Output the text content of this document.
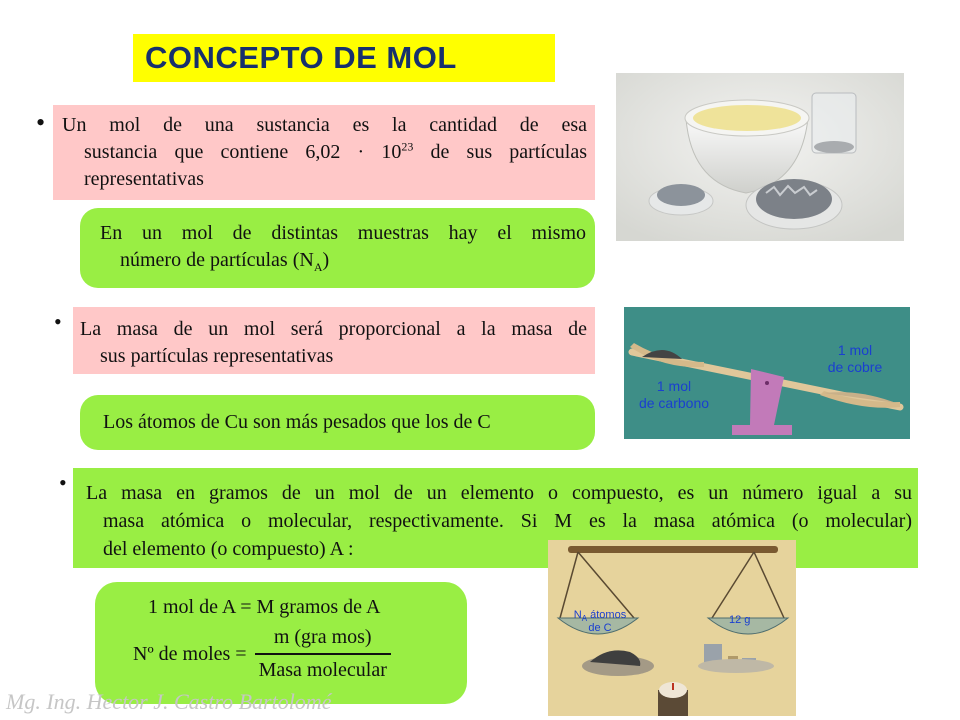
CONCEPTO DE MOL
• Un mol de una sustancia es la cantidad de esa
sustancia que contiene $6,02 \cdot 10^{23}$ de sus partículas
representativas
En un mol de distintas muestras hay el mismo
número de partículas $(N_A)$
• La masa de un mol será proporcional a la masa de
sus partículas representativas
Los átomos de Cu son más pesados que los de C
• La masa en gramos de un mol de un elemento o compuesto, es un número igual a su
masa atómica o molecular, respectivamente. Si M es la masa atómica (o molecular)
del elemento (o compuesto) A :
1 mol de A = M gramos de A
Nº de moles = $\frac{\text{m (gra mos)}}{\text{Masa molecular}}$
1 mol
de cobre
1 mol
de carbono
$N_A$ átomos
de C
12 g
Mg. Ing. Hector J. Castro Bartolomé
